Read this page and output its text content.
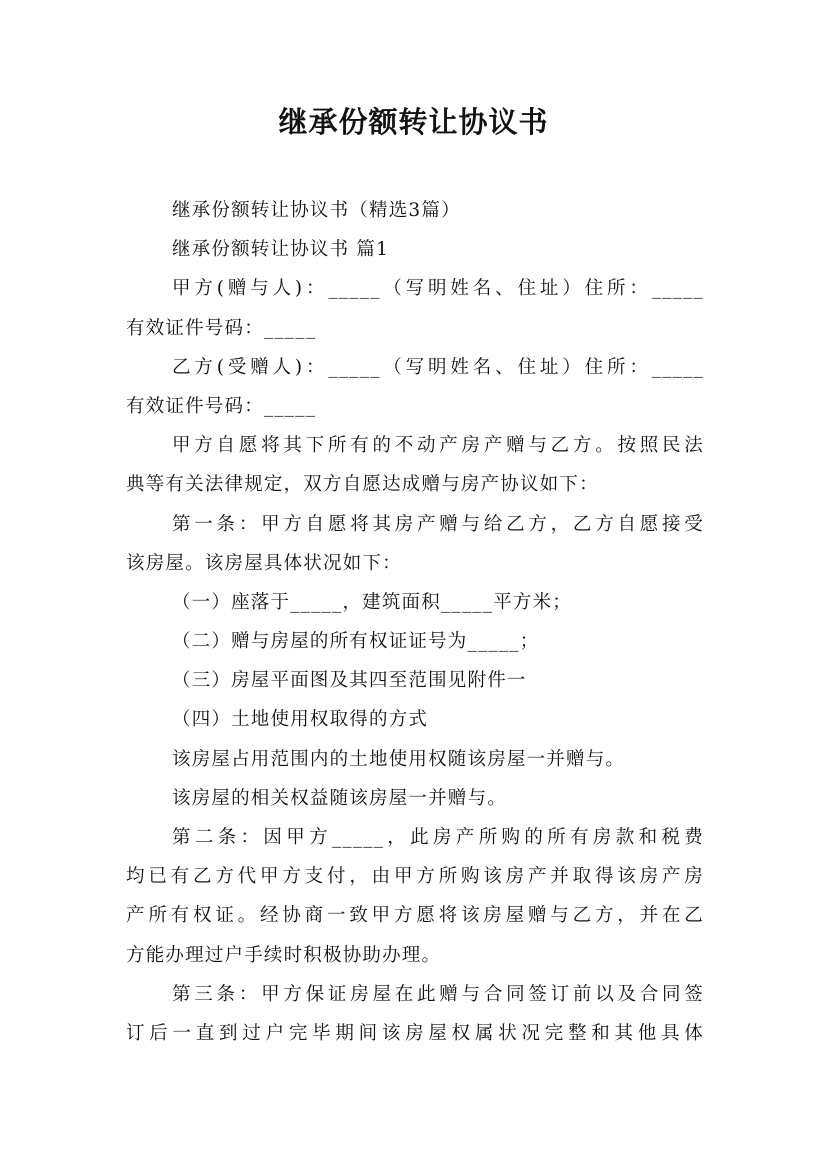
继承份额转让协议书
继承份额转让协议书（精选3篇）
继承份额转让协议书 篇1
甲方(赠与人)：_____（写明姓名、住址）住所：_____
有效证件号码：_____
乙方(受赠人)：_____（写明姓名、住址）住所：_____
有效证件号码：_____
甲方自愿将其下所有的不动产房产赠与乙方。按照民法
典等有关法律规定，双方自愿达成赠与房产协议如下：
第一条：甲方自愿将其房产赠与给乙方，乙方自愿接受
该房屋。该房屋具体状况如下：
（一）座落于_____，建筑面积_____平方米；
（二）赠与房屋的所有权证证号为_____；
（三）房屋平面图及其四至范围见附件一
（四）土地使用权取得的方式
该房屋占用范围内的土地使用权随该房屋一并赠与。
该房屋的相关权益随该房屋一并赠与。
第二条：因甲方_____，此房产所购的所有房款和税费
均已有乙方代甲方支付，由甲方所购该房产并取得该房产房
产所有权证。经协商一致甲方愿将该房屋赠与乙方，并在乙
方能办理过户手续时积极协助办理。
第三条：甲方保证房屋在此赠与合同签订前以及合同签
订后一直到过户完毕期间该房屋权属状况完整和其他具体
